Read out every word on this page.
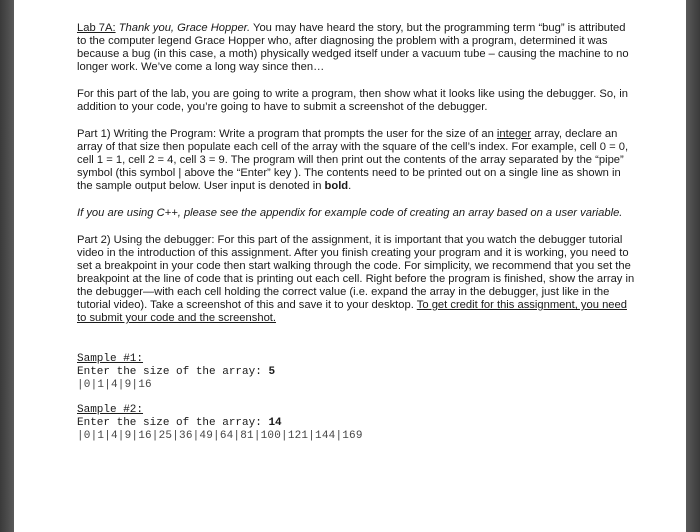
Lab 7A: Thank you, Grace Hopper. You may have heard the story, but the programming term “bug” is attributed to the computer legend Grace Hopper who, after diagnosing the problem with a program, determined it was because a bug (in this case, a moth) physically wedged itself under a vacuum tube – causing the machine to no longer work. We’ve come a long way since then…

For this part of the lab, you are going to write a program, then show what it looks like using the debugger. So, in addition to your code, you’re going to have to submit a screenshot of the debugger.

Part 1) Writing the Program: Write a program that prompts the user for the size of an integer array, declare an array of that size then populate each cell of the array with the square of the cell’s index. For example, cell 0 = 0, cell 1 = 1, cell 2 = 4, cell 3 = 9. The program will then print out the contents of the array separated by the “pipe” symbol (this symbol | above the “Enter” key ). The contents need to be printed out on a single line as shown in the sample output below. User input is denoted in bold.

If you are using C++, please see the appendix for example code of creating an array based on a user variable.

Part 2) Using the debugger: For this part of the assignment, it is important that you watch the debugger tutorial video in the introduction of this assignment. After you finish creating your program and it is working, you need to set a breakpoint in your code then start walking through the code. For simplicity, we recommend that you set the breakpoint at the line of code that is printing out each cell. Right before the program is finished, show the array in the debugger—with each cell holding the correct value (i.e. expand the array in the debugger, just like in the tutorial video). Take a screenshot of this and save it to your desktop. To get credit for this assignment, you need to submit your code and the screenshot.

Sample #1:
Enter the size of the array: 5
|0|1|4|9|16
Sample #2:
Enter the size of the array: 14
|0|1|4|9|16|25|36|49|64|81|100|121|144|169
